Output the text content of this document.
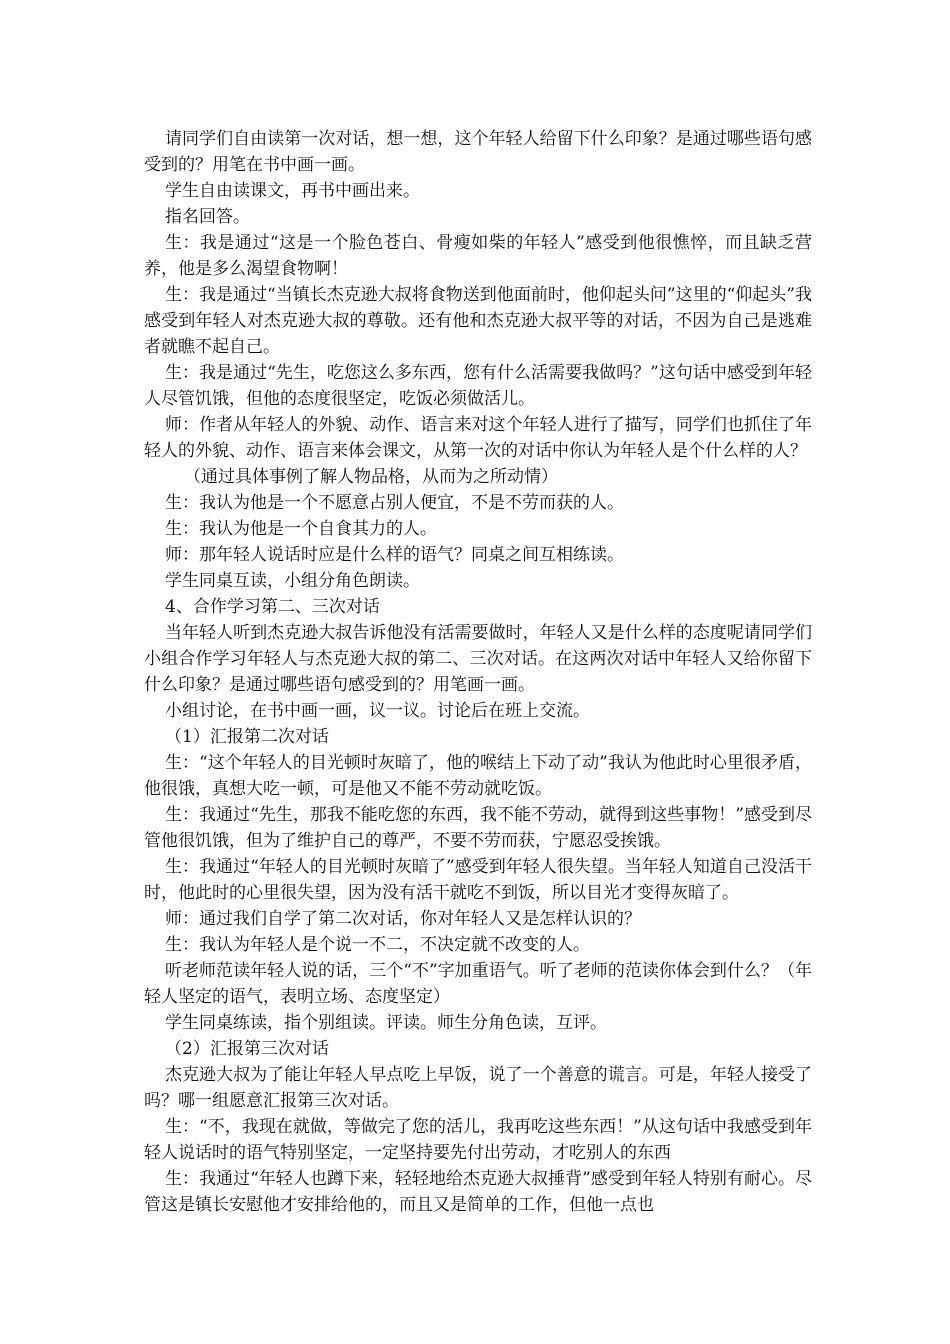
请同学们自由读第一次对话，想一想，这个年轻人给留下什么印象？是通过哪些语句感受到的？用笔在书中画一画。

学生自由读课文，再书中画出来。

指名回答。

生：我是通过“这是一个脸色苍白、骨瘦如柴的年轻人”感受到他很憔悴，而且缺乏营养，他是多么渴望食物啊！

生：我是通过“当镇长杰克逊大叔将食物送到他面前时，他仰起头问”这里的“仰起头”我感受到年轻人对杰克逊大叔的尊敬。还有他和杰克逊大叔平等的对话，不因为自己是逃难者就瞧不起自己。

生：我是通过“先生，吃您这么多东西，您有什么活需要我做吗？”这句话中感受到年轻人尽管饥饿，但他的态度很坚定，吃饭必须做活儿。

师：作者从年轻人的外貌、动作、语言来对这个年轻人进行了描写，同学们也抓住了年轻人的外貌、动作、语言来体会课文，从第一次的对话中你认为年轻人是个什么样的人？

（通过具体事例了解人物品格，从而为之所动情）

生：我认为他是一个不愿意占别人便宜，不是不劳而获的人。

生：我认为他是一个自食其力的人。

师：那年轻人说话时应是什么样的语气？同桌之间互相练读。

学生同桌互读，小组分角色朗读。

4、合作学习第二、三次对话

当年轻人听到杰克逊大叔告诉他没有活需要做时，年轻人又是什么样的态度呢请同学们小组合作学习年轻人与杰克逊大叔的第二、三次对话。在这两次对话中年轻人又给你留下什么印象？是通过哪些语句感受到的？用笔画一画。

小组讨论，在书中画一画，议一议。讨论后在班上交流。

（1）汇报第二次对话

生：“这个年轻人的目光顿时灰暗了，他的喉结上下动了动”我认为他此时心里很矛盾，他很饿，真想大吃一顿，可是他又不能不劳动就吃饭。

生：我通过“先生，那我不能吃您的东西，我不能不劳动，就得到这些事物！”感受到尽管他很饥饿，但为了维护自己的尊严，不要不劳而获，宁愿忍受挨饿。

生：我通过“年轻人的目光顿时灰暗了”感受到年轻人很失望。当年轻人知道自己没活干时，他此时的心里很失望，因为没有活干就吃不到饭，所以目光才变得灰暗了。

师：通过我们自学了第二次对话，你对年轻人又是怎样认识的？

生：我认为年轻人是个说一不二，不决定就不改变的人。

听老师范读年轻人说的话，三个“不”字加重语气。听了老师的范读你体会到什么？（年轻人坚定的语气，表明立场、态度坚定）

学生同桌练读，指个别组读。评读。师生分角色读，互评。

（2）汇报第三次对话

杰克逊大叔为了能让年轻人早点吃上早饭，说了一个善意的谎言。可是，年轻人接受了吗？哪一组愿意汇报第三次对话。

生：“不，我现在就做，等做完了您的活儿，我再吃这些东西！”从这句话中我感受到年轻人说话时的语气特别坚定，一定坚持要先付出劳动，才吃别人的东西

生：我通过“年轻人也蹲下来，轻轻地给杰克逊大叔捶背”感受到年轻人特别有耐心。尽管这是镇长安慰他才安排给他的，而且又是简单的工作，但他一点也
